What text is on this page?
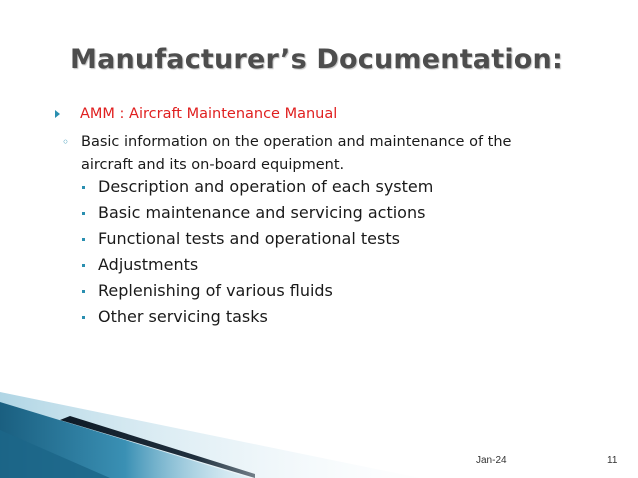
Manufacturer’s Documentation:
AMM : Aircraft Maintenance Manual
◦ Basic information on the operation and maintenance of the aircraft and its on-board equipment.
Description and operation of each system
Basic maintenance and servicing actions
Functional tests and operational tests
Adjustments
Replenishing of various fluids
Other servicing tasks
Jan-24	11
